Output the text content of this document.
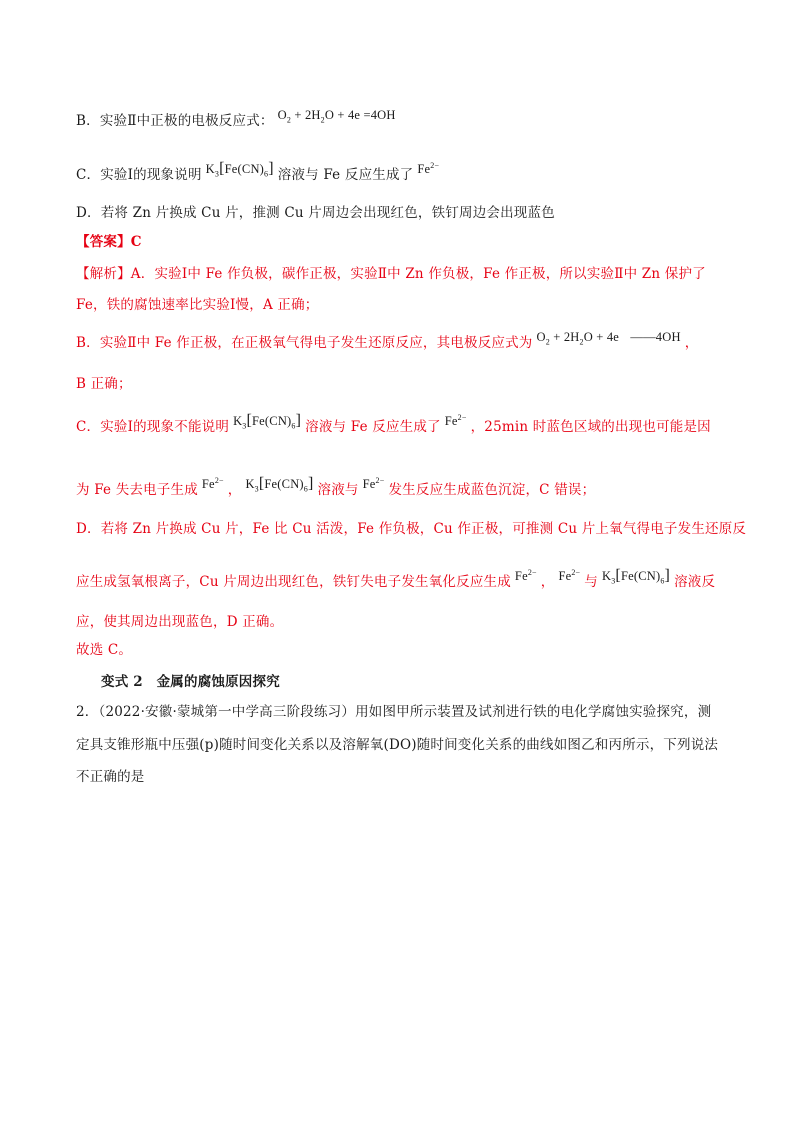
B．实验Ⅱ中正极的电极反应式： $O_2 + 2H_2O + 4e =4OH$
C．实验Ⅰ的现象说明 $K_3[Fe(CN)_6]$ 溶液与 Fe 反应生成了 $Fe^{2-}$
D．若将 Zn 片换成 Cu 片，推测 Cu 片周边会出现红色，铁钉周边会出现蓝色
【答案】C
【解析】A．实验Ⅰ中 Fe 作负极，碳作正极，实验Ⅱ中 Zn 作负极，Fe 作正极，所以实验Ⅱ中 Zn 保护了
Fe，铁的腐蚀速率比实验Ⅰ慢，A 正确；
B．实验Ⅱ中 Fe 作正极，在正极氧气得电子发生还原反应，其电极反应式为 $O_2 + 2H_2O + 4e$ ——4OH ，
B 正确；
C．实验Ⅰ的现象不能说明 $K_3[Fe(CN)_6]$ 溶液与 Fe 反应生成了 $Fe^{2-}$，25min 时蓝色区域的出现也可能是因
为 Fe 失去电子生成 $Fe^{2-}$， $K_3[Fe(CN)_6]$ 溶液与 $Fe^{2-}$发生反应生成蓝色沉淀，C 错误；
D．若将 Zn 片换成 Cu 片，Fe 比 Cu 活泼，Fe 作负极，Cu 作正极，可推测 Cu 片上氧气得电子发生还原反
应生成氢氧根离子，Cu 片周边出现红色，铁钉失电子发生氧化反应生成 $Fe^{2-}$， $Fe^{2-}$与 $K_3[Fe(CN)_6]$ 溶液反
应，使其周边出现蓝色，D 正确。
故选 C。
变式 2　金属的腐蚀原因探究
2．（2022·安徽·蒙城第一中学高三阶段练习）用如图甲所示装置及试剂进行铁的电化学腐蚀实验探究，测
定具支锥形瓶中压强(p)随时间变化关系以及溶解氧(DO)随时间变化关系的曲线如图乙和丙所示，下列说法
不正确的是
